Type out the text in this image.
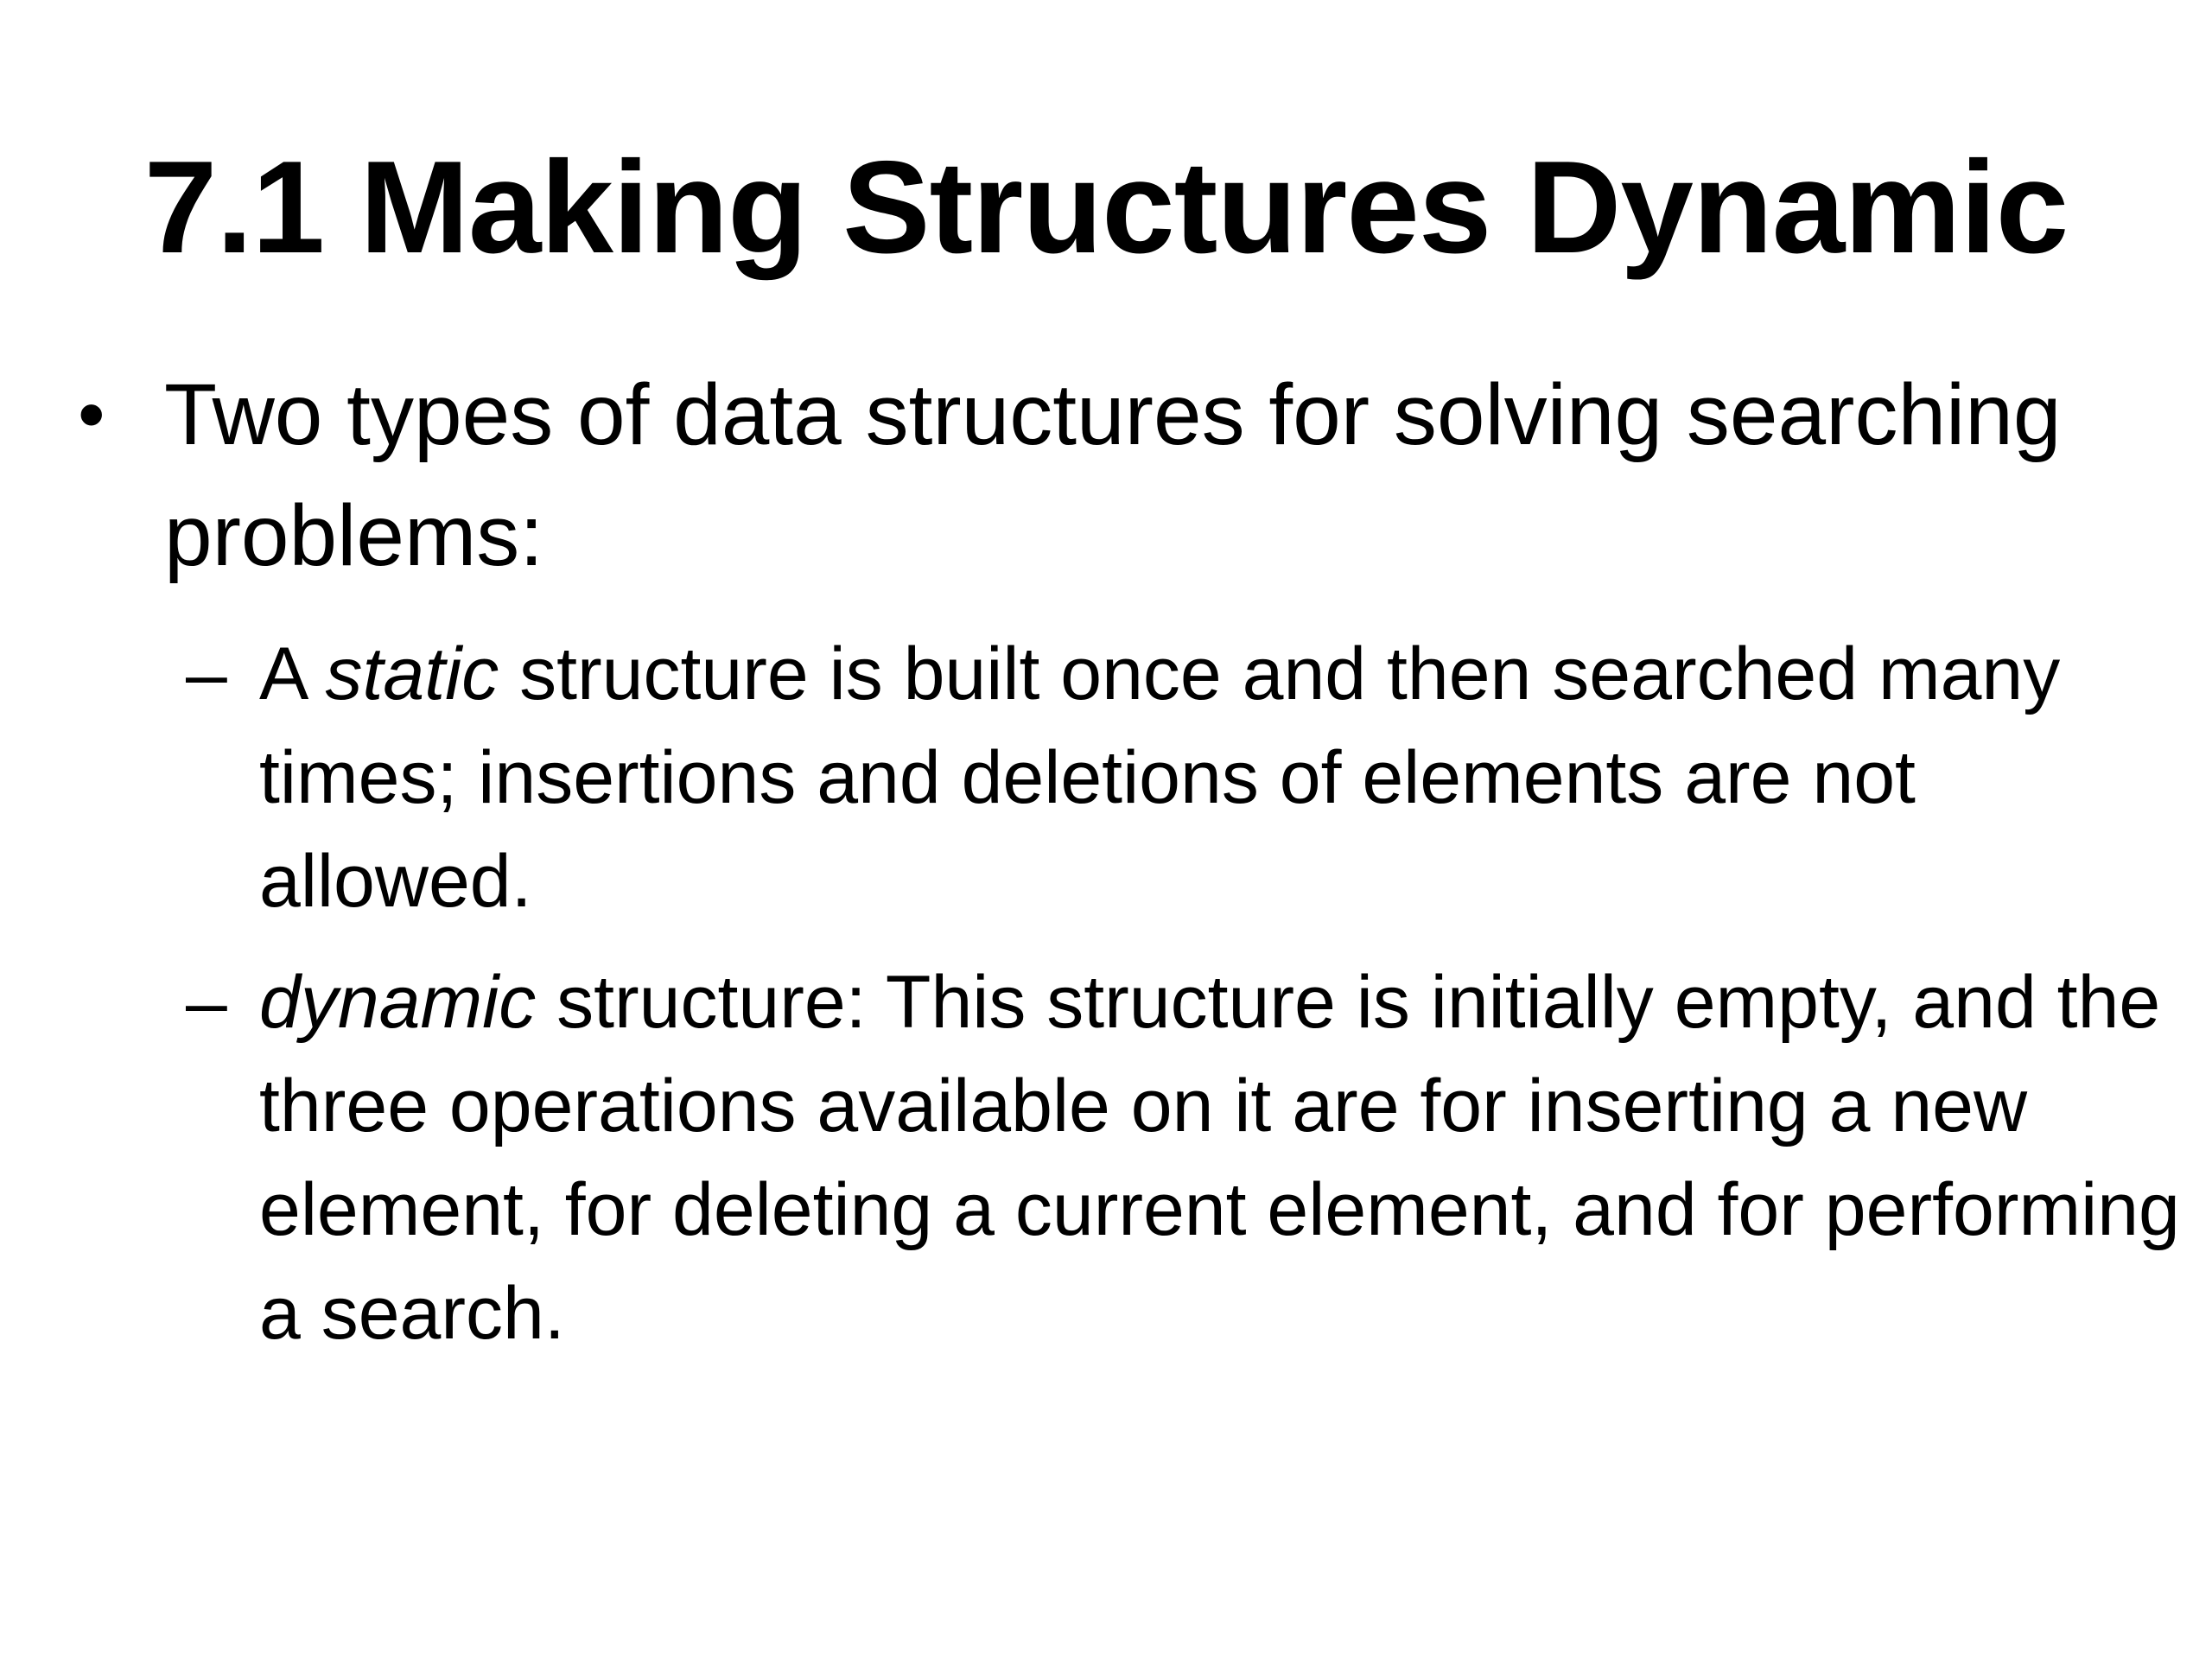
7.1 Making Structures Dynamic

• Two types of data structures for solving searching problems:

– A static structure is built once and then searched many times; insertions and deletions of elements are not allowed.

– dynamic structure: This structure is initially empty, and the three operations available on it are for inserting a new element, for deleting a current element, and for performing a search.
